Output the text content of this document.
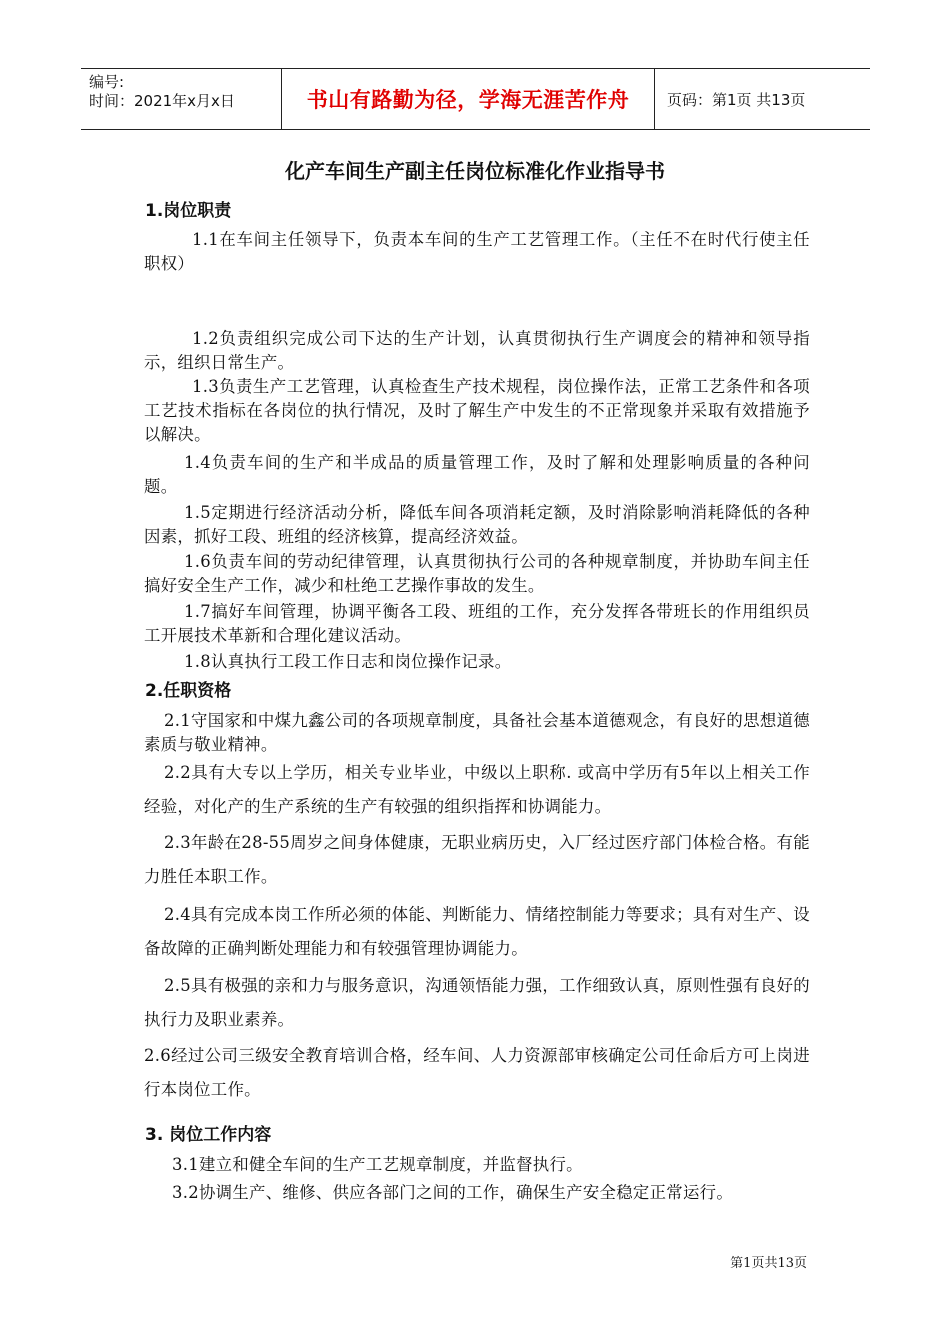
编号:
时间：2021年x月x日	书山有路勤为径，学海无涯苦作舟	页码：第1页 共13页
化产车间生产副主任岗位标准化作业指导书
1.岗位职责
1.1在车间主任领导下，负责本车间的生产工艺管理工作。（主任不在时代行使主任职权）
1.2负责组织完成公司下达的生产计划，认真贯彻执行生产调度会的精神和领导指示，组织日常生产。
1.3负责生产工艺管理，认真检查生产技术规程，岗位操作法，正常工艺条件和各项工艺技术指标在各岗位的执行情况，及时了解生产中发生的不正常现象并采取有效措施予以解决。
1.4负责车间的生产和半成品的质量管理工作，及时了解和处理影响质量的各种问题。
1.5定期进行经济活动分析，降低车间各项消耗定额，及时消除影响消耗降低的各种因素，抓好工段、班组的经济核算，提高经济效益。
1.6负责车间的劳动纪律管理，认真贯彻执行公司的各种规章制度，并协助车间主任搞好安全生产工作，减少和杜绝工艺操作事故的发生。
1.7搞好车间管理，协调平衡各工段、班组的工作，充分发挥各带班长的作用组织员工开展技术革新和合理化建议活动。
1.8认真执行工段工作日志和岗位操作记录。
2.任职资格
2.1守国家和中煤九鑫公司的各项规章制度，具备社会基本道德观念，有良好的思想道德素质与敬业精神。
2.2具有大专以上学历，相关专业毕业，中级以上职称. 或高中学历有5年以上相关工作经验，对化产的生产系统的生产有较强的组织指挥和协调能力。
2.3年龄在28-55周岁之间身体健康，无职业病历史，入厂经过医疗部门体检合格。有能力胜任本职工作。
2.4具有完成本岗工作所必须的体能、判断能力、情绪控制能力等要求；具有对生产、设备故障的正确判断处理能力和有较强管理协调能力。
2.5具有极强的亲和力与服务意识，沟通领悟能力强，工作细致认真，原则性强有良好的执行力及职业素养。
2.6经过公司三级安全教育培训合格，经车间、人力资源部审核确定公司任命后方可上岗进行本岗位工作。
3. 岗位工作内容
3.1建立和健全车间的生产工艺规章制度，并监督执行。
3.2协调生产、维修、供应各部门之间的工作，确保生产安全稳定正常运行。
第1页共13页
